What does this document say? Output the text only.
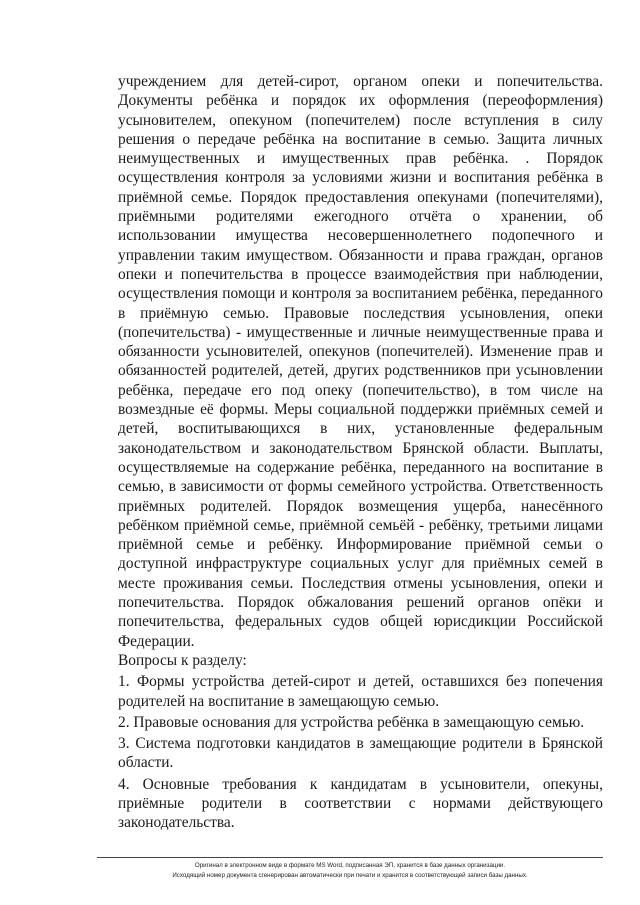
учреждением для детей-сирот, органом опеки и попечительства. Документы ребёнка и порядок их оформления (переоформления) усыновителем, опекуном (попечителем) после вступления в силу решения о передаче ребёнка на воспитание в семью. Защита личных неимущественных и имущественных прав ребёнка. . Порядок осуществления контроля за условиями жизни и воспитания ребёнка в приёмной семье. Порядок предоставления опекунами (попечителями), приёмными родителями ежегодного отчёта о хранении, об использовании имущества несовершеннолетнего подопечного и управлении таким имуществом. Обязанности и права граждан, органов опеки и попечительства в процессе взаимодействия при наблюдении, осуществления помощи и контроля за воспитанием ребёнка, переданного в приёмную семью. Правовые последствия усыновления, опеки (попечительства) - имущественные и личные неимущественные права и обязанности усыновителей, опекунов (попечителей). Изменение прав и обязанностей родителей, детей, других родственников при усыновлении ребёнка, передаче его под опеку (попечительство), в том числе на возмездные её формы. Меры социальной поддержки приёмных семей и детей, воспитывающихся в них, установленные федеральным законодательством и законодательством Брянской области. Выплаты, осуществляемые на содержание ребёнка, переданного на воспитание в семью, в зависимости от формы семейного устройства. Ответственность приёмных родителей. Порядок возмещения ущерба, нанесённого ребёнком приёмной семье, приёмной семьёй - ребёнку, третьими лицами приёмной семье и ребёнку. Информирование приёмной семьи о доступной инфраструктуре социальных услуг для приёмных семей в месте проживания семьи. Последствия отмены усыновления, опеки и попечительства. Порядок обжалования решений органов опёки и попечительства, федеральных судов общей юрисдикции Российской Федерации.

Вопросы к разделу:

1. Формы устройства детей-сирот и детей, оставшихся без попечения родителей на воспитание в замещающую семью.

2. Правовые основания для устройства ребёнка в замещающую семью.

3. Система подготовки кандидатов в замещающие родители в Брянской области.

4. Основные требования к кандидатам в усыновители, опекуны, приёмные родители в соответствии с нормами действующего законодательства.

Оригинал в электронном виде в формате MS Word, подписанная ЭП, хранится в базе данных организации.
Исходящий номер документа сгенерирован автоматически при печати и хранится в соответствующей записи базы данных.
